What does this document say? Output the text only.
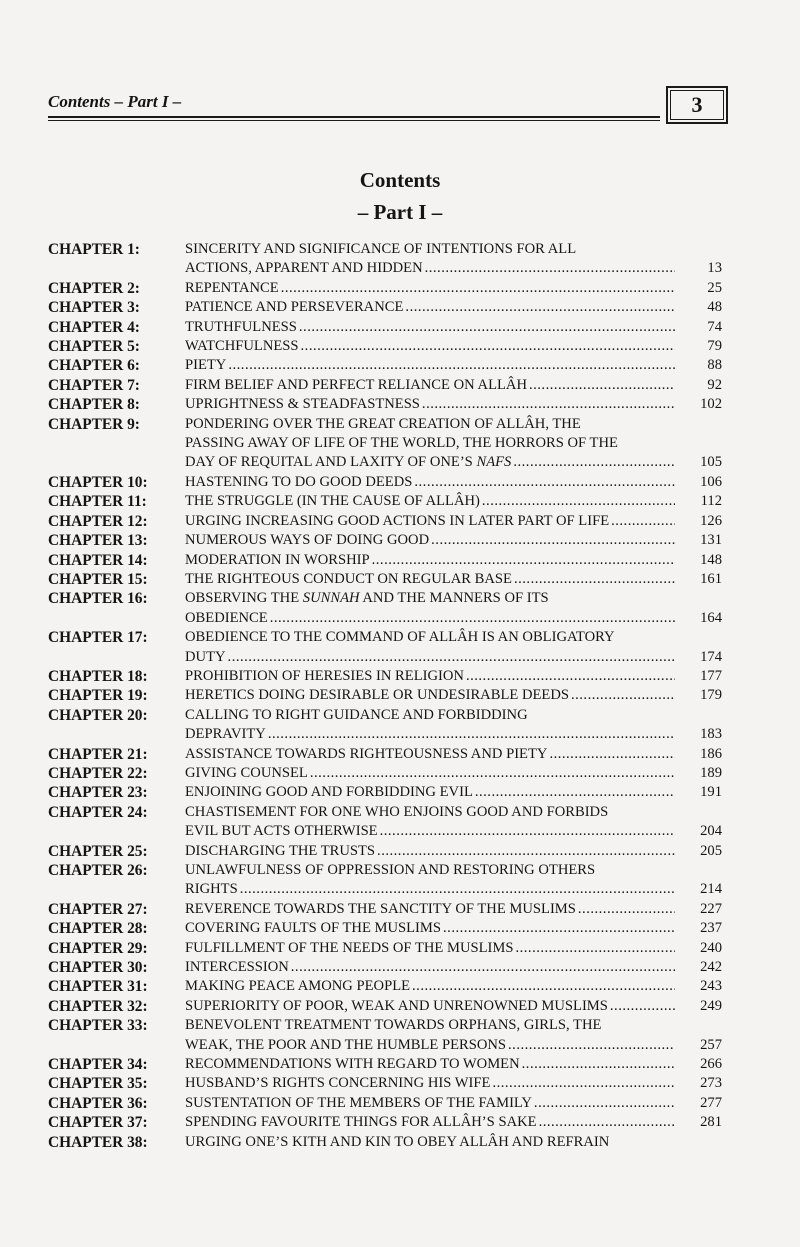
Contents – Part I –	3
Contents
– Part I –
CHAPTER 1:	SINCERITY AND SIGNIFICANCE OF INTENTIONS FOR ALL
ACTIONS, APPARENT AND HIDDEN .....	13
CHAPTER 2:	REPENTANCE .....	25
CHAPTER 3:	PATIENCE AND PERSEVERANCE .....	48
CHAPTER 4:	TRUTHFULNESS .....	74
CHAPTER 5:	WATCHFULNESS .....	79
CHAPTER 6:	PIETY .....	88
CHAPTER 7:	FIRM BELIEF AND PERFECT RELIANCE ON ALLÂH .....	92
CHAPTER 8:	UPRIGHTNESS & STEADFASTNESS .....	102
CHAPTER 9:	PONDERING OVER THE GREAT CREATION OF ALLÂH, THE
PASSING AWAY OF LIFE OF THE WORLD, THE HORRORS OF THE
DAY OF REQUITAL AND LAXITY OF ONE’S NAFS .....	105
CHAPTER 10:	HASTENING TO DO GOOD DEEDS .....	106
CHAPTER 11:	THE STRUGGLE (IN THE CAUSE OF ALLÂH) .....	112
CHAPTER 12:	URGING INCREASING GOOD ACTIONS IN LATER PART OF LIFE .....	126
CHAPTER 13:	NUMEROUS WAYS OF DOING GOOD .....	131
CHAPTER 14:	MODERATION IN WORSHIP .....	148
CHAPTER 15:	THE RIGHTEOUS CONDUCT ON REGULAR BASE .....	161
CHAPTER 16:	OBSERVING THE SUNNAH AND THE MANNERS OF ITS
OBEDIENCE .....	164
CHAPTER 17:	OBEDIENCE TO THE COMMAND OF ALLÂH IS AN OBLIGATORY
DUTY .....	174
CHAPTER 18:	PROHIBITION OF HERESIES IN RELIGION .....	177
CHAPTER 19:	HERETICS DOING DESIRABLE OR UNDESIRABLE DEEDS .....	179
CHAPTER 20:	CALLING TO RIGHT GUIDANCE AND FORBIDDING
DEPRAVITY .....	183
CHAPTER 21:	ASSISTANCE TOWARDS RIGHTEOUSNESS AND PIETY .....	186
CHAPTER 22:	GIVING COUNSEL .....	189
CHAPTER 23:	ENJOINING GOOD AND FORBIDDING EVIL .....	191
CHAPTER 24:	CHASTISEMENT FOR ONE WHO ENJOINS GOOD AND FORBIDS
EVIL BUT ACTS OTHERWISE .....	204
CHAPTER 25:	DISCHARGING THE TRUSTS .....	205
CHAPTER 26:	UNLAWFULNESS OF OPPRESSION AND RESTORING OTHERS
RIGHTS .....	214
CHAPTER 27:	REVERENCE TOWARDS THE SANCTITY OF THE MUSLIMS .....	227
CHAPTER 28:	COVERING FAULTS OF THE MUSLIMS .....	237
CHAPTER 29:	FULFILLMENT OF THE NEEDS OF THE MUSLIMS .....	240
CHAPTER 30:	INTERCESSION .....	242
CHAPTER 31:	MAKING PEACE AMONG PEOPLE .....	243
CHAPTER 32:	SUPERIORITY OF POOR, WEAK AND UNRENOWNED MUSLIMS .....	249
CHAPTER 33:	BENEVOLENT TREATMENT TOWARDS ORPHANS, GIRLS, THE
WEAK, THE POOR AND THE HUMBLE PERSONS .....	257
CHAPTER 34:	RECOMMENDATIONS WITH REGARD TO WOMEN .....	266
CHAPTER 35:	HUSBAND’S RIGHTS CONCERNING HIS WIFE .....	273
CHAPTER 36:	SUSTENTATION OF THE MEMBERS OF THE FAMILY .....	277
CHAPTER 37:	SPENDING FAVOURITE THINGS FOR ALLÂH’S SAKE .....	281
CHAPTER 38:	URGING ONE’S KITH AND KIN TO OBEY ALLÂH AND REFRAIN
